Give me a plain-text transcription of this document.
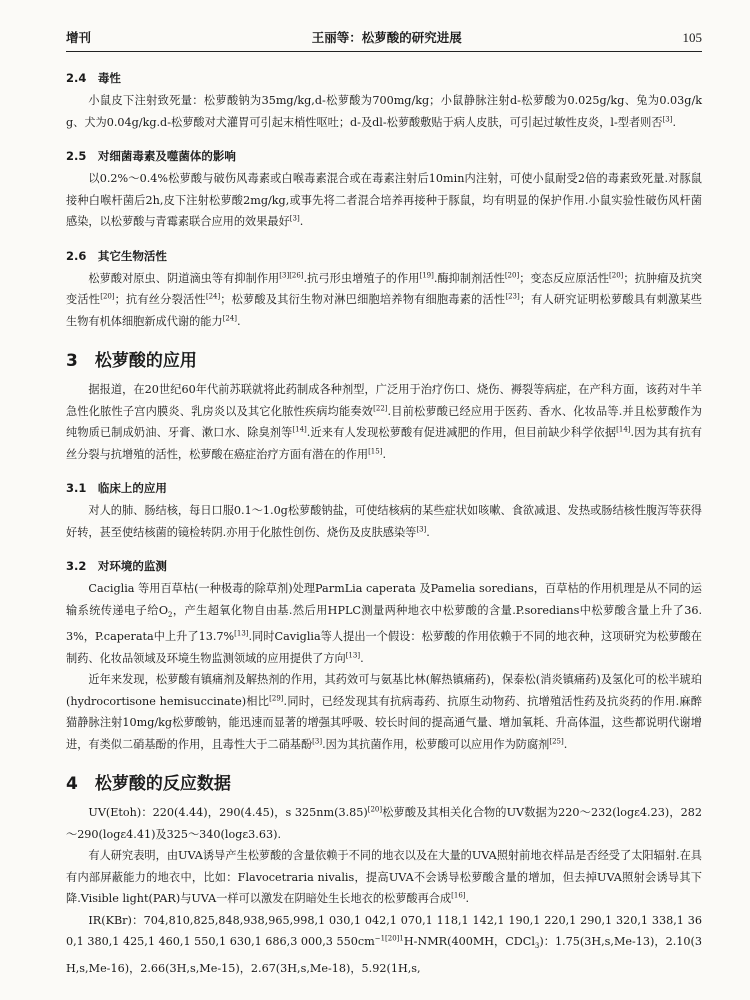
增刊	王丽等：松萝酸的研究进展	105
2.4　毒性

小鼠皮下注射致死量：松萝酸钠为35mg/kg,d-松萝酸为700mg/kg；小鼠静脉注射d-松萝酸为0.025g/kg、兔为0.03g/kg、犬为0.04g/kg.d-松萝酸对犬灌胃可引起末梢性呕吐；d-及dl-松萝酸敷贴于病人皮肤，可引起过敏性皮炎，l-型者则否[3].

2.5　对细菌毒素及噬菌体的影响

以0.2%～0.4%松萝酸与破伤风毒素或白喉毒素混合或在毒素注射后10min内注射，可使小鼠耐受2倍的毒素致死量.对豚鼠接种白喉杆菌后2h,皮下注射松萝酸2mg/kg,或事先将二者混合培养再接种于豚鼠，均有明显的保护作用.小鼠实验性破伤风杆菌感染，以松萝酸与青霉素联合应用的效果最好[3].

2.6　其它生物活性

松萝酸对原虫、阴道滴虫等有抑制作用[3][26].抗弓形虫增殖子的作用[19].酶抑制剂活性[20]；变态反应原活性[20]；抗肿瘤及抗突变活性[20]；抗有丝分裂活性[24]；松萝酸及其衍生物对淋巴细胞培养物有细胞毒素的活性[23]；有人研究证明松萝酸具有刺激某些生物有机体细胞新成代谢的能力[24].

3　松萝酸的应用

据报道，在20世纪60年代前苏联就将此药制成各种剂型，广泛用于治疗伤口、烧伤、褥裂等病症，在产科方面，该药对牛羊急性化脓性子宫内膜炎、乳房炎以及其它化脓性疾病均能奏效[22].目前松萝酸已经应用于医药、香水、化妆品等.并且松萝酸作为纯物质已制成奶油、牙膏、漱口水、除臭剂等[14].近来有人发现松萝酸有促进减肥的作用，但目前缺少科学依据[14].因为其有抗有丝分裂与抗增殖的活性，松萝酸在癌症治疗方面有潜在的作用[15].

3.1　临床上的应用

对人的肺、肠结核，每日口服0.1～1.0g松萝酸钠盐，可使结核病的某些症状如咳嗽、食欲减退、发热或肠结核性腹泻等获得好转，甚至使结核菌的镜检转阴.亦用于化脓性创伤、烧伤及皮肤感染等[3].

3.2　对环境的监测

Caciglia 等用百草枯(一种极毒的除草剂)处理ParmLia caperata 及Pamelia soredians，百草枯的作用机理是从不同的运输系统传递电子给$O_2$，产生超氧化物自由基.然后用HPLC测量两种地衣中松萝酸的含量.P.soredians中松萝酸含量上升了36.3%，P.caperata中上升了13.7%[13].同时Caviglia等人提出一个假设：松萝酸的作用依赖于不同的地衣种，这项研究为松萝酸在制药、化妆品领域及环境生物监测领域的应用提供了方向[13].

近年来发现，松萝酸有镇痛剂及解热剂的作用，其药效可与氨基比林(解热镇痛药)，保泰松(消炎镇痛药)及氢化可的松半琥珀(hydrocortisone hemisuccinate)相比[29].同时，已经发现其有抗病毒药、抗原生动物药、抗增殖活性药及抗炎药的作用.麻醉猫静脉注射10mg/kg松萝酸钠，能迅速而显著的增强其呼吸、较长时间的提高通气量、增加氧耗、升高体温，这些都说明代谢增进，有类似二硝基酚的作用，且毒性大于二硝基酚[3].因为其抗菌作用，松萝酸可以应用作为防腐剂[25].

4　松萝酸的反应数据

UV(Etoh)：220(4.44)，290(4.45)，s 325nm(3.85)[20]松萝酸及其相关化合物的UV数据为220～232(logε4.23)，282～290(logε4.41)及325～340(logε3.63).

有人研究表明，由UVA诱导产生松萝酸的含量依赖于不同的地衣以及在大量的UVA照射前地衣样品是否经受了太阳辐射.在具有内部屏蔽能力的地衣中，比如：Flavocetraria nivalis，提高UVA不会诱导松萝酸含量的增加，但去掉UVA照射会诱导其下降.Visible light(PAR)与UVA一样可以激发在阴暗处生长地衣的松萝酸再合成[16].

IR(KBr)：704,810,825,848,938,965,998,1 030,1 042,1 070,1 118,1 142,1 190,1 220,1 290,1 320,1 338,1 360,1 380,1 425,1 460,1 550,1 630,1 686,3 000,3 $550cm^{-1[20]1}H-NMR(400MH$，CDCl$_3$)：1.75(3H,s,Me-13)，2.10(3H,s,Me-16)，2.66(3H,s,Me-15)，2.67(3H,s,Me-18)，5.92(1H,s,
